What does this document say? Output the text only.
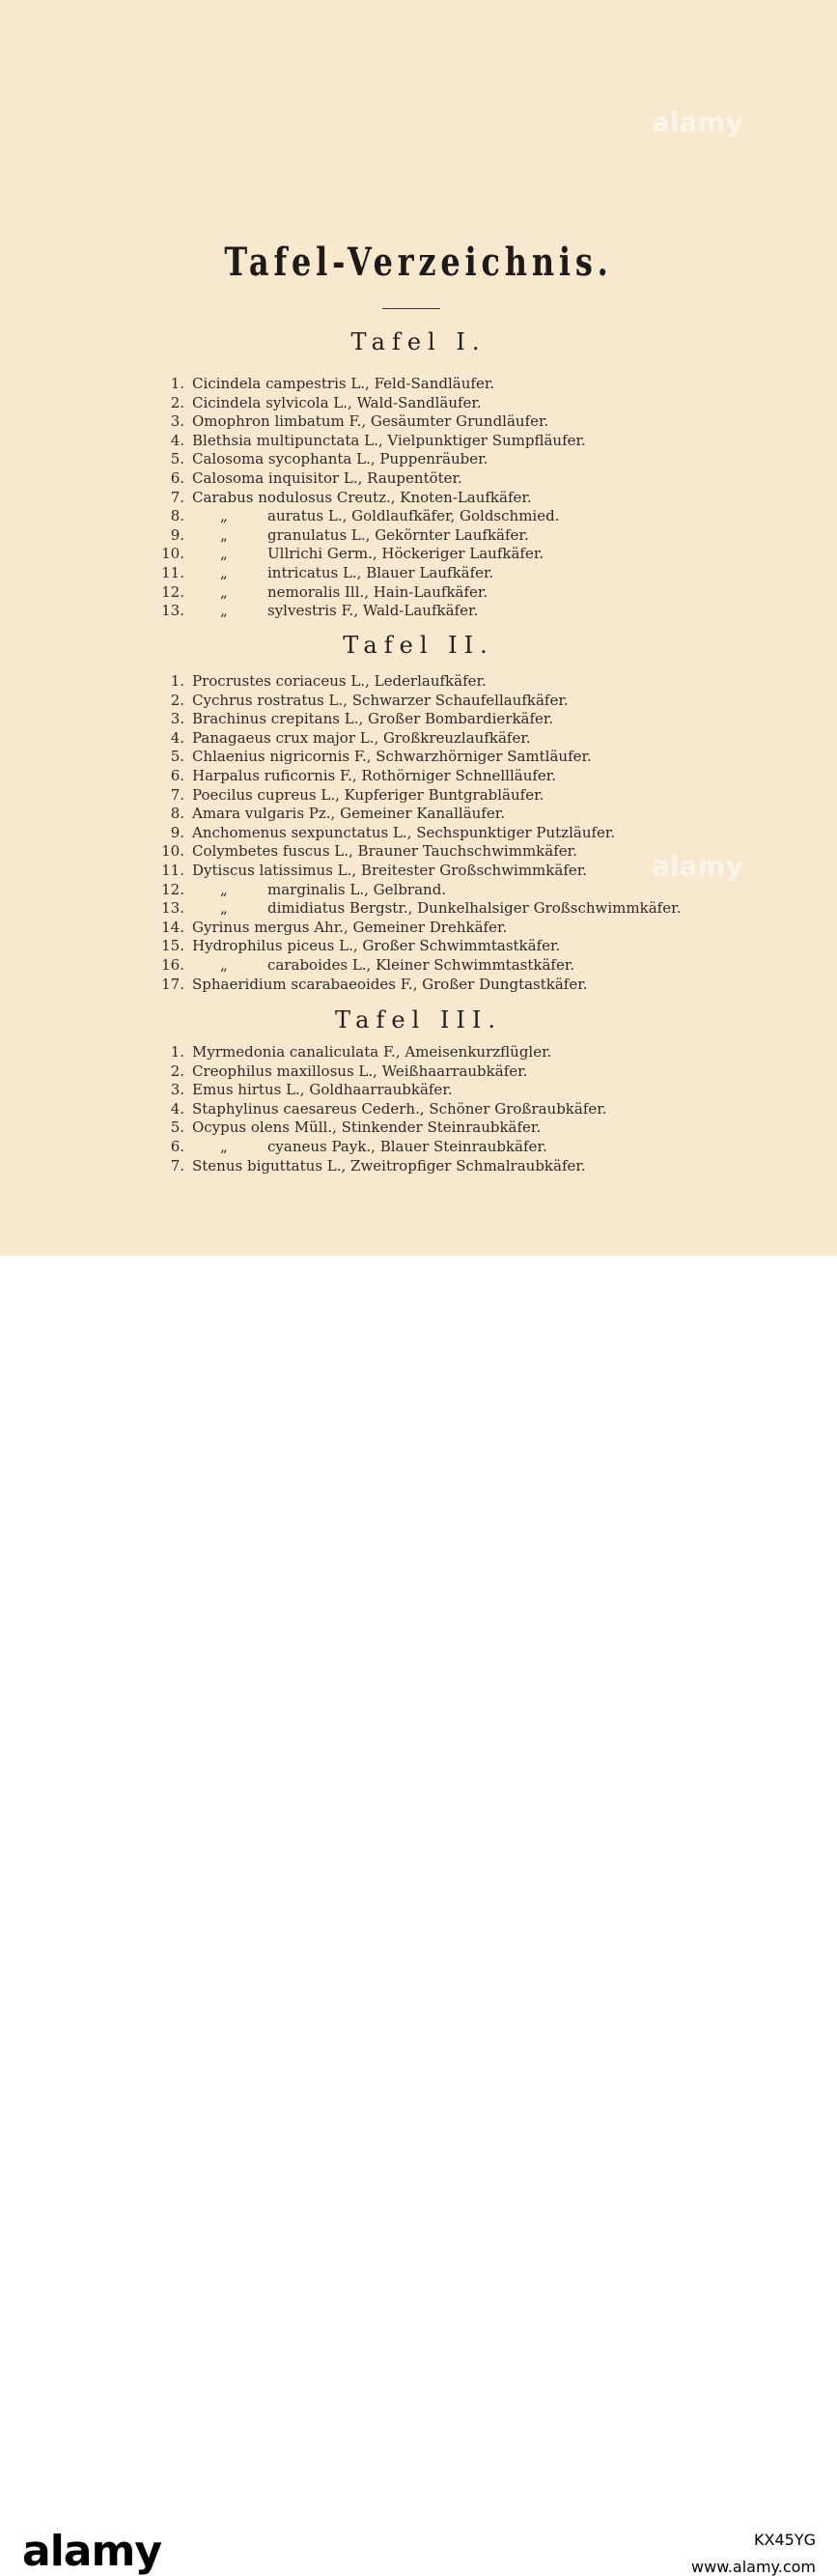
Tafel-Verzeichnis.
Tafel I.
1. Cicindela campestris L., Feld-Sandläufer.
2. Cicindela sylvicola L., Wald-Sandläufer.
3. Omophron limbatum F., Gesäumter Grundläufer.
4. Blethsia multipunctata L., Vielpunktiger Sumpfläufer.
5. Calosoma sycophanta L., Puppenräuber.
6. Calosoma inquisitor L., Raupentöter.
7. Carabus nodulosus Creutz., Knoten-Laufkäfer.
8. „	auratus L., Goldlaufkäfer, Goldschmied.
9. „	granulatus L., Gekörnter Laufkäfer.
10. „	Ullrichi Germ., Höckeriger Laufkäfer.
11. „	intricatus L., Blauer Laufkäfer.
12. „	nemoralis Ill., Hain-Laufkäfer.
13. „	sylvestris F., Wald-Laufkäfer.
Tafel II.
1. Procrustes coriaceus L., Lederlaufkäfer.
2. Cychrus rostratus L., Schwarzer Schaufellaufkäfer.
3. Brachinus crepitans L., Großer Bombardierkäfer.
4. Panagaeus crux major L., Großkreuzlaufkäfer.
5. Chlaenius nigricornis F., Schwarzhörniger Samtläufer.
6. Harpalus ruficornis F., Rothörniger Schnellläufer.
7. Poecilus cupreus L., Kupferiger Buntgrabläufer.
8. Amara vulgaris Pz., Gemeiner Kanalläufer.
9. Anchomenus sexpunctatus L., Sechspunktiger Putzläufer.
10. Colymbetes fuscus L., Brauner Tauchschwimmkäfer.
11. Dytiscus latissimus L., Breitester Großschwimmkäfer.
12. „	marginalis L., Gelbrand.
13. „	dimidiatus Bergstr., Dunkelhalsiger Großschwimmkäfer.
14. Gyrinus mergus Ahr., Gemeiner Drehkäfer.
15. Hydrophilus piceus L., Großer Schwimmtastkäfer.
16. „	caraboides L., Kleiner Schwimmtastkäfer.
17. Sphaeridium scarabaeoides F., Großer Dungtastkäfer.
Tafel III.
1. Myrmedonia canaliculata F., Ameisenkurzflügler.
2. Creophilus maxillosus L., Weißhaarraubkäfer.
3. Emus hirtus L., Goldhaarraubkäfer.
4. Staphylinus caesareus Cederh., Schöner Großraubkäfer.
5. Ocypus olens Müll., Stinkender Steinraubkäfer.
6. „	cyaneus Payk., Blauer Steinraubkäfer.
7. Stenus biguttatus L., Zweitropfiger Schmalraubkäfer.
alamy
alamy
alamy	KX45YG
www.alamy.com
